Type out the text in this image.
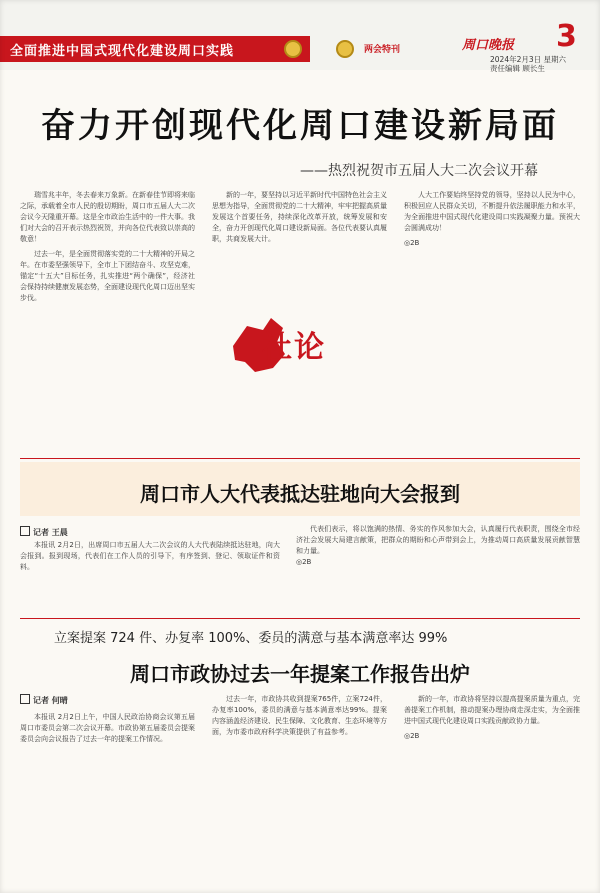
全面推进中国式现代化建设周口实践	两会特刊	周口晚报 3
2024年2月3日 星期六
责任编辑 顾长生
奋力开创现代化周口建设新局面
——热烈祝贺市五届人大二次会议开幕

瑞雪兆丰年，冬去春来万象新。在新春佳节即将来临之际，承载着全市人民的殷切期盼，周口市五届人大二次会议今天隆重开幕。这是全市政治生活中的一件大事。我们对大会的召开表示热烈祝贺，并向各位代表致以崇高的敬意！

过去一年，是全面贯彻落实党的二十大精神的开局之年。在市委坚强领导下，全市上下团结奋斗、攻坚克难，锚定“十五大”目标任务，扎实推进“两个确保”，经济社会保持持续健康发展态势，全面建设现代化周口迈出坚实步伐。

新的一年，要坚持以习近平新时代中国特色社会主义思想为指导，全面贯彻党的二十大精神，牢牢把握高质量发展这个首要任务，持续深化改革开放，统筹发展和安全，奋力开创现代化周口建设新局面。各位代表要认真履职，共商发展大计。

人大工作要始终坚持党的领导，坚持以人民为中心，积极回应人民群众关切，不断提升依法履职能力和水平，为全面推进中国式现代化建设周口实践凝聚力量。预祝大会圆满成功！

◎2B
社论
周口市人大代表抵达驻地向大会报到
记者 王晨

本报讯 2月2日，出席周口市五届人大二次会议的人大代表陆续抵达驻地，向大会报到。报到现场，代表们在工作人员的引导下，有序签到、登记、领取证件和资料。

代表们表示，将以饱满的热情、务实的作风参加大会，认真履行代表职责，围绕全市经济社会发展大局建言献策，把群众的期盼和心声带到会上，为推动周口高质量发展贡献智慧和力量。

◎2B
立案提案 724 件、办复率 100%、委员的满意与基本满意率达 99%
周口市政协过去一年提案工作报告出炉
记者 何晴

本报讯 2月2日上午，中国人民政治协商会议第五届周口市委员会第二次会议开幕。市政协第五届委员会提案委员会向会议报告了过去一年的提案工作情况。

过去一年，市政协共收到提案765件，立案724件，办复率100%，委员的满意与基本满意率达99%。提案内容涵盖经济建设、民生保障、文化教育、生态环境等方面，为市委市政府科学决策提供了有益参考。

新的一年，市政协将坚持以提高提案质量为重点，完善提案工作机制，推动提案办理协商走深走实，为全面推进中国式现代化建设周口实践贡献政协力量。

◎2B
